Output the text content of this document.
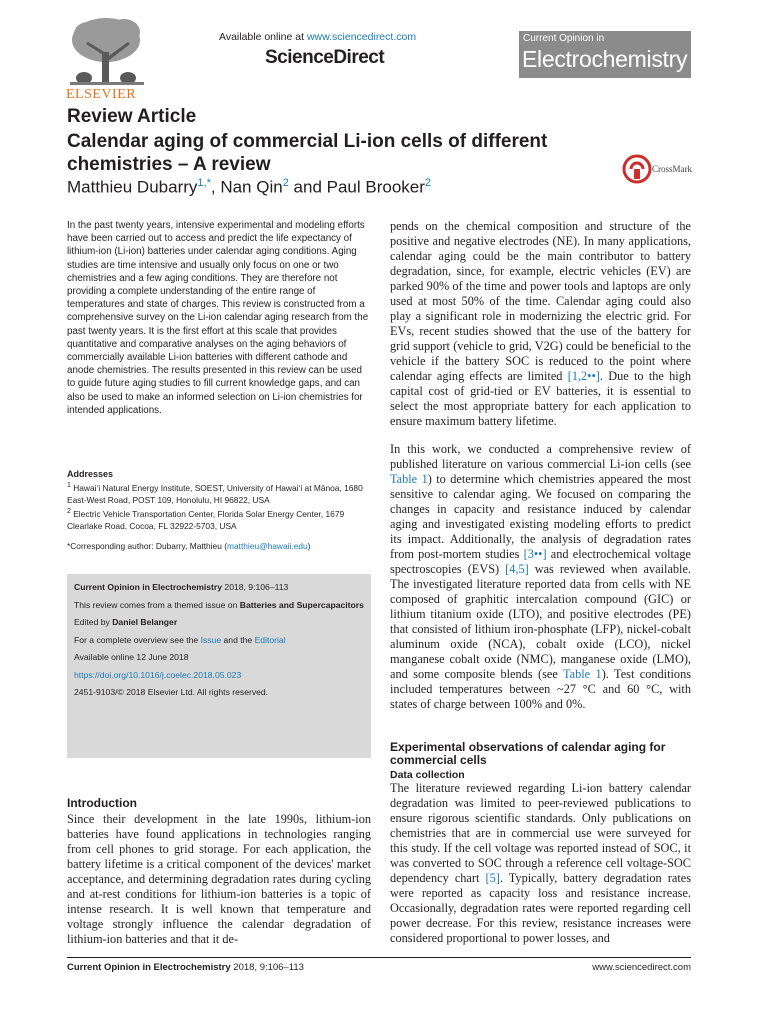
ELSEVIER
Available online at www.sciencedirect.com
ScienceDirect
Current Opinion in
Electrochemistry
CrossMark
Review Article
Calendar aging of commercial Li-ion cells of different
chemistries – A review
Matthieu Dubarry$^{1,*}$, Nan Qin$^2$ and Paul Brooker$^2$

In the past twenty years, intensive experimental and modeling efforts have been carried out to access and predict the life expectancy of lithium-ion (Li-ion) batteries under calendar aging conditions. Aging studies are time intensive and usually only focus on one or two chemistries and a few aging conditions. They are therefore not providing a complete understanding of the entire range of temperatures and state of charges. This review is constructed from a comprehensive survey on the Li-ion calendar aging research from the past twenty years. It is the first effort at this scale that provides quantitative and comparative analyses on the aging behaviors of commercially available Li-ion batteries with different cathode and anode chemistries. The results presented in this review can be used to guide future aging studies to fill current knowledge gaps, and can also be used to make an informed selection on Li-ion chemistries for intended applications.

Addresses
$^1$ Hawai‘i Natural Energy Institute, SOEST, University of Hawai‘i at Mānoa, 1680 East-West Road, POST 109, Honolulu, HI 96822, USA
$^2$ Electric Vehicle Transportation Center, Florida Solar Energy Center, 1679 Clearlake Road, Cocoa, FL 32922-5703, USA
*Corresponding author: Dubarry, Matthieu (matthieu@hawaii.edu)

Current Opinion in Electrochemistry 2018, 9:106–113

This review comes from a themed issue on Batteries and Supercapacitors

Edited by Daniel Belanger

For a complete overview see the Issue and the Editorial

Available online 12 June 2018

https://doi.org/10.1016/j.coelec.2018.05.023

2451-9103/© 2018 Elsevier Ltd. All rights reserved.

Introduction

Since their development in the late 1990s, lithium-ion batteries have found applications in technologies ranging from cell phones to grid storage. For each application, the battery lifetime is a critical component of the devices' market acceptance, and determining degradation rates during cycling and at-rest conditions for lithium-ion batteries is a topic of intense research. It is well known that temperature and voltage strongly influence the calendar degradation of lithium-ion batteries and that it de-

pends on the chemical composition and structure of the positive and negative electrodes (NE). In many applications, calendar aging could be the main contributor to battery degradation, since, for example, electric vehicles (EV) are parked 90% of the time and power tools and laptops are only used at most 50% of the time. Calendar aging could also play a significant role in modernizing the electric grid. For EVs, recent studies showed that the use of the battery for grid support (vehicle to grid, V2G) could be beneficial to the vehicle if the battery SOC is reduced to the point where calendar aging effects are limited [1,2••]. Due to the high capital cost of grid-tied or EV batteries, it is essential to select the most appropriate battery for each application to ensure maximum battery lifetime.

In this work, we conducted a comprehensive review of published literature on various commercial Li-ion cells (see Table 1) to determine which chemistries appeared the most sensitive to calendar aging. We focused on comparing the changes in capacity and resistance induced by calendar aging and investigated existing modeling efforts to predict its impact. Additionally, the analysis of degradation rates from post-mortem studies [3••] and electrochemical voltage spectroscopies (EVS) [4,5] was reviewed when available. The investigated literature reported data from cells with NE composed of graphitic intercalation compound (GIC) or lithium titanium oxide (LTO), and positive electrodes (PE) that consisted of lithium iron-phosphate (LFP), nickel-cobalt aluminum oxide (NCA), cobalt oxide (LCO), nickel manganese cobalt oxide (NMC), manganese oxide (LMO), and some composite blends (see Table 1). Test conditions included temperatures between ~27 °C and 60 °C, with states of charge between 100% and 0%.

Experimental observations of calendar aging for commercial cells
Data collection

The literature reviewed regarding Li-ion battery calendar degradation was limited to peer-reviewed publications to ensure rigorous scientific standards. Only publications on chemistries that are in commercial use were surveyed for this study. If the cell voltage was reported instead of SOC, it was converted to SOC through a reference cell voltage-SOC dependency chart [5]. Typically, battery degradation rates were reported as capacity loss and resistance increase. Occasionally, degradation rates were reported regarding cell power decrease. For this review, resistance increases were considered proportional to power losses, and

Current Opinion in Electrochemistry 2018, 9:106–113	www.sciencedirect.com
